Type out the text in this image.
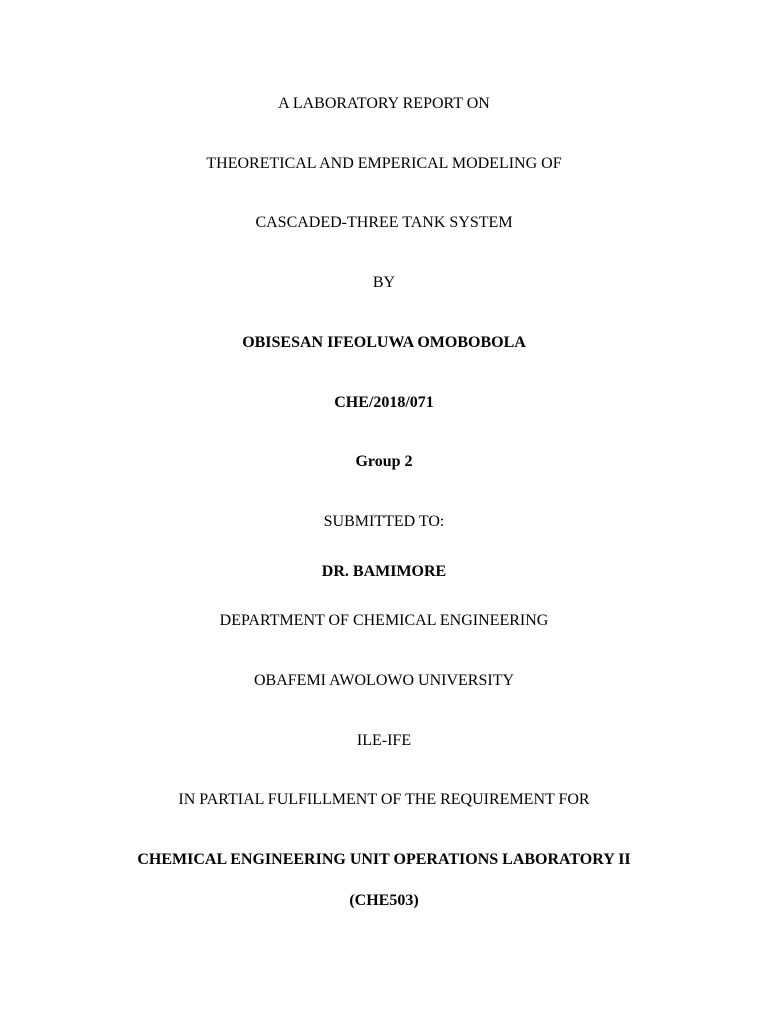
A LABORATORY REPORT ON
THEORETICAL AND EMPERICAL MODELING OF
CASCADED-THREE TANK SYSTEM
BY
OBISESAN IFEOLUWA OMOBOBOLA
CHE/2018/071
Group 2
SUBMITTED TO:
DR. BAMIMORE
DEPARTMENT OF CHEMICAL ENGINEERING
OBAFEMI AWOLOWO UNIVERSITY
ILE-IFE
IN PARTIAL FULFILLMENT OF THE REQUIREMENT FOR
CHEMICAL ENGINEERING UNIT OPERATIONS LABORATORY II
(CHE503)
